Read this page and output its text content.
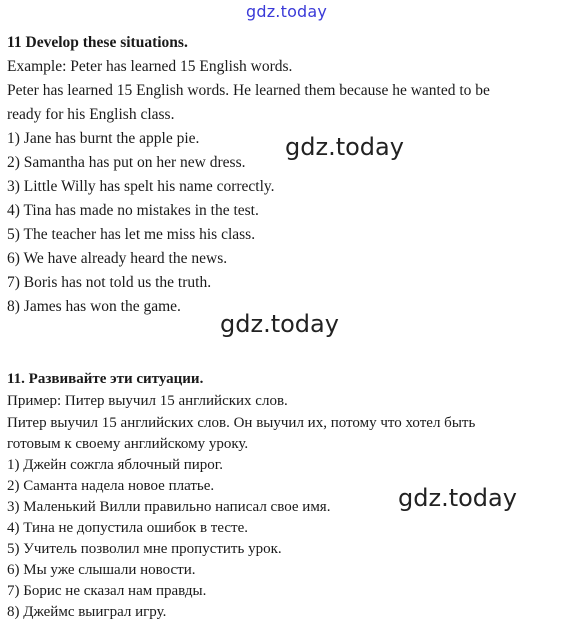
gdz.today

11 Develop these situations.

Example: Peter has learned 15 English words.

Peter has learned 15 English words. He learned them because he wanted to be

ready for his English class.

1) Jane has burnt the apple pie.

2) Samantha has put on her new dress.

3) Little Willy has spelt his name correctly.

4) Tina has made no mistakes in the test.

5) The teacher has let me miss his class.

6) We have already heard the news.

7) Boris has not told us the truth.

8) James has won the game.

gdz.today
gdz.today

11. Развивайте эти ситуации.

Пример: Питер выучил 15 английских слов.

Питер выучил 15 английских слов. Он выучил их, потому что хотел быть

готовым к своему английскому уроку.

1) Джейн сожгла яблочный пирог.

2) Саманта надела новое платье.

3) Маленький Вилли правильно написал свое имя.

4) Тина не допустила ошибок в тесте.

5) Учитель позволил мне пропустить урок.

6) Мы уже слышали новости.

7) Борис не сказал нам правды.

8) Джеймс выиграл игру.

gdz.today
